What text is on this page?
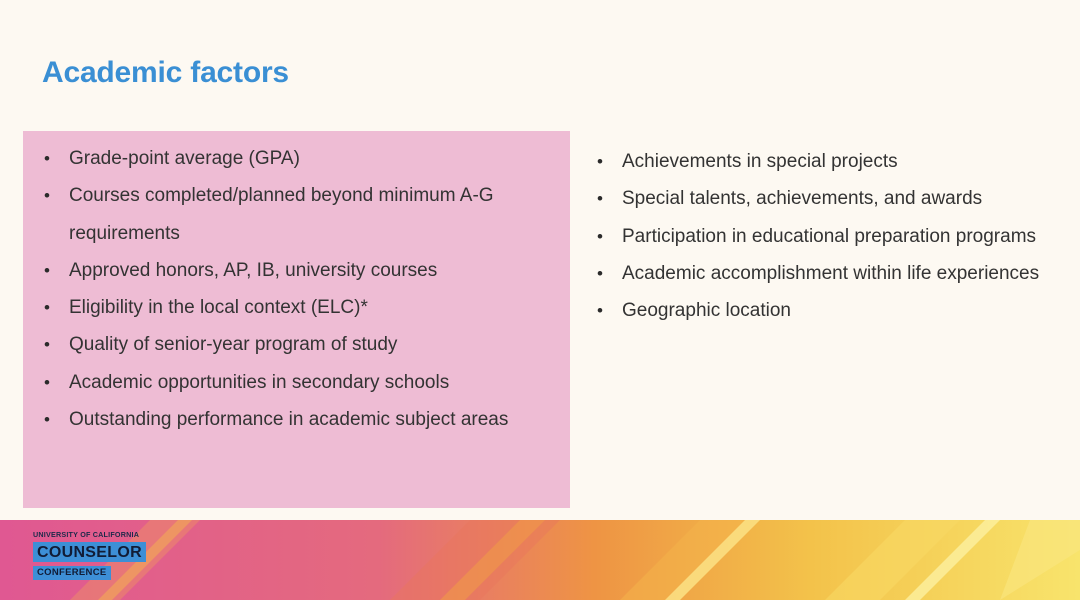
Academic factors
• Grade-point average (GPA)
• Courses completed/planned beyond minimum A-G requirements
• Approved honors, AP, IB, university courses
• Eligibility in the local context (ELC)*
• Quality of senior-year program of study
• Academic opportunities in secondary schools
• Outstanding performance in academic subject areas
• Achievements in special projects
• Special talents, achievements, and awards
• Participation in educational preparation programs
• Academic accomplishment within life experiences
• Geographic location
UNIVERSITY OF CALIFORNIA
COUNSELOR
CONFERENCE
